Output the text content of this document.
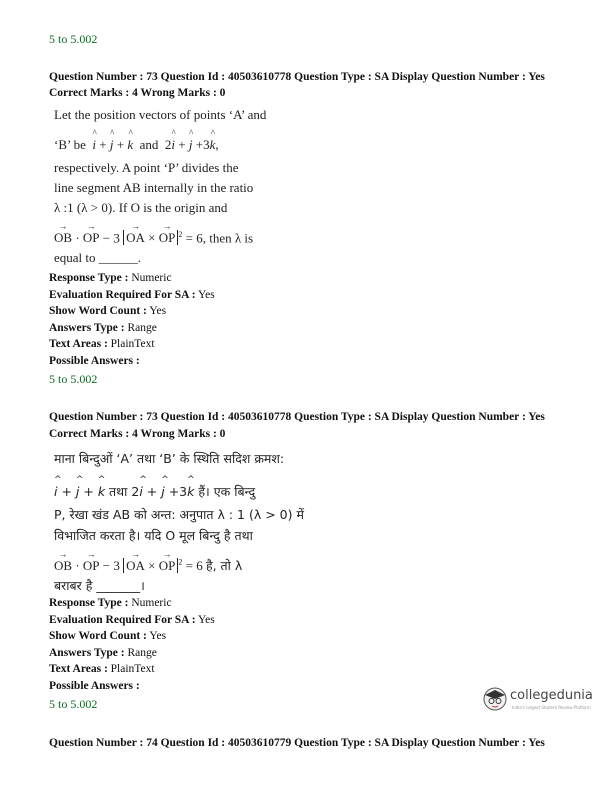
5 to 5.002
Question Number : 73 Question Id : 40503610778 Question Type : SA Display Question Number : Yes
Correct Marks : 4 Wrong Marks : 0
Let the position vectors of points ‘A’ and
‘B’ be  ^ i + ^ j + ^ k and  2^ i + ^ j +3^ k,
respectively. A point ‘P’ divides the
line segment AB internally in the ratio
λ :1 (λ > 0). If O is the origin and
→ OB · → OP − 3 → OA × → OP $^2$ = 6, then λ is
equal to ______.
Response Type : Numeric
Evaluation Required For SA : Yes
Show Word Count : Yes
Answers Type : Range
Text Areas : PlainText
Possible Answers :
5 to 5.002
Question Number : 73 Question Id : 40503610778 Question Type : SA Display Question Number : Yes
Correct Marks : 4 Wrong Marks : 0
माना बिन्दुओं ‘A’ तथा ‘B’ के स्थिति सदिश क्रमश:
^ i + ^ j + ^ k तथा 2^ i + ^ j +3^ k हैं। एक बिन्दु
P, रेखा खंड AB को अन्त: अनुपात λ : 1 (λ > 0) में
विभाजित करता है। यदि O मूल बिन्दु है तथा
→ OB · → OP − 3 → OA × → OP $^2$ = 6 है, तो λ
बराबर है _______।
Response Type : Numeric
Evaluation Required For SA : Yes
Show Word Count : Yes
Answers Type : Range
Text Areas : PlainText
Possible Answers :
5 to 5.002
collegedunia
India's largest Student Review Platform
Question Number : 74 Question Id : 40503610779 Question Type : SA Display Question Number : Yes
